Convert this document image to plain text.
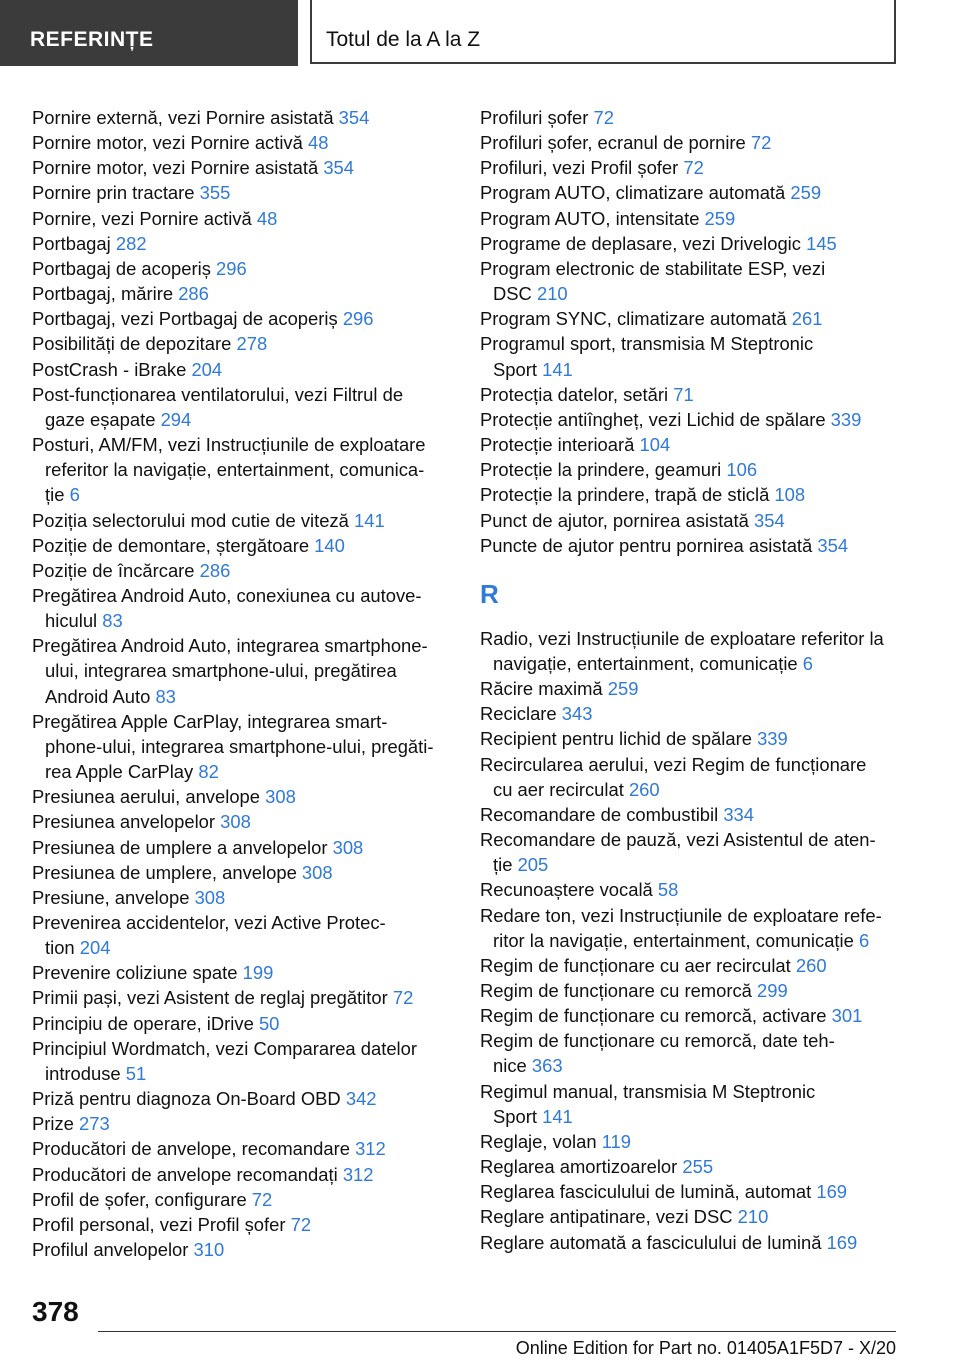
REFERINȚE	Totul de la A la Z
Pornire externă, vezi Pornire asistată 354
Pornire motor, vezi Pornire activă 48
Pornire motor, vezi Pornire asistată 354
Pornire prin tractare 355
Pornire, vezi Pornire activă 48
Portbagaj 282
Portbagaj de acoperiș 296
Portbagaj, mărire 286
Portbagaj, vezi Portbagaj de acoperiș 296
Posibilități de depozitare 278
PostCrash - iBrake 204
Post-funcționarea ventilatorului, vezi Filtrul de
gaze eșapate 294
Posturi, AM/FM, vezi Instrucțiunile de exploatare
referitor la navigație, entertainment, comunica‐
ție 6
Poziția selectorului mod cutie de viteză 141
Poziție de demontare, ștergătoare 140
Poziție de încărcare 286
Pregătirea Android Auto, conexiunea cu autove‐
hiculul 83
Pregătirea Android Auto, integrarea smartphone-
ului, integrarea smartphone-ului, pregătirea
Android Auto 83
Pregătirea Apple CarPlay, integrarea smart‐
phone-ului, integrarea smartphone-ului, pregăti‐
rea Apple CarPlay 82
Presiunea aerului, anvelope 308
Presiunea anvelopelor 308
Presiunea de umplere a anvelopelor 308
Presiunea de umplere, anvelope 308
Presiune, anvelope 308
Prevenirea accidentelor, vezi Active Protec‐
tion 204
Prevenire coliziune spate 199
Primii pași, vezi Asistent de reglaj pregătitor 72
Principiu de operare, iDrive 50
Principiul Wordmatch, vezi Compararea datelor
introduse 51
Priză pentru diagnoza On-Board OBD 342
Prize 273
Producători de anvelope, recomandare 312
Producători de anvelope recomandați 312
Profil de șofer, configurare 72
Profil personal, vezi Profil șofer 72
Profilul anvelopelor 310
Profiluri șofer 72
Profiluri șofer, ecranul de pornire 72
Profiluri, vezi Profil șofer 72
Program AUTO, climatizare automată 259
Program AUTO, intensitate 259
Programe de deplasare, vezi Drivelogic 145
Program electronic de stabilitate ESP, vezi
DSC 210
Program SYNC, climatizare automată 261
Programul sport, transmisia M Steptronic
Sport 141
Protecția datelor, setări 71
Protecție antiîngheț, vezi Lichid de spălare 339
Protecție interioară 104
Protecție la prindere, geamuri 106
Protecție la prindere, trapă de sticlă 108
Punct de ajutor, pornirea asistată 354
Puncte de ajutor pentru pornirea asistată 354
R
Radio, vezi Instrucțiunile de exploatare referitor la
navigație, entertainment, comunicație 6
Răcire maximă 259
Reciclare 343
Recipient pentru lichid de spălare 339
Recircularea aerului, vezi Regim de funcționare
cu aer recirculat 260
Recomandare de combustibil 334
Recomandare de pauză, vezi Asistentul de aten‐
ție 205
Recunoaștere vocală 58
Redare ton, vezi Instrucțiunile de exploatare refe‐
ritor la navigație, entertainment, comunicație 6
Regim de funcționare cu aer recirculat 260
Regim de funcționare cu remorcă 299
Regim de funcționare cu remorcă, activare 301
Regim de funcționare cu remorcă, date teh‐
nice 363
Regimul manual, transmisia M Steptronic
Sport 141
Reglaje, volan 119
Reglarea amortizoarelor 255
Reglarea fasciculului de lumină, automat 169
Reglare antipatinare, vezi DSC 210
Reglare automată a fasciculului de lumină 169
378
Online Edition for Part no. 01405A1F5D7 - X/20
